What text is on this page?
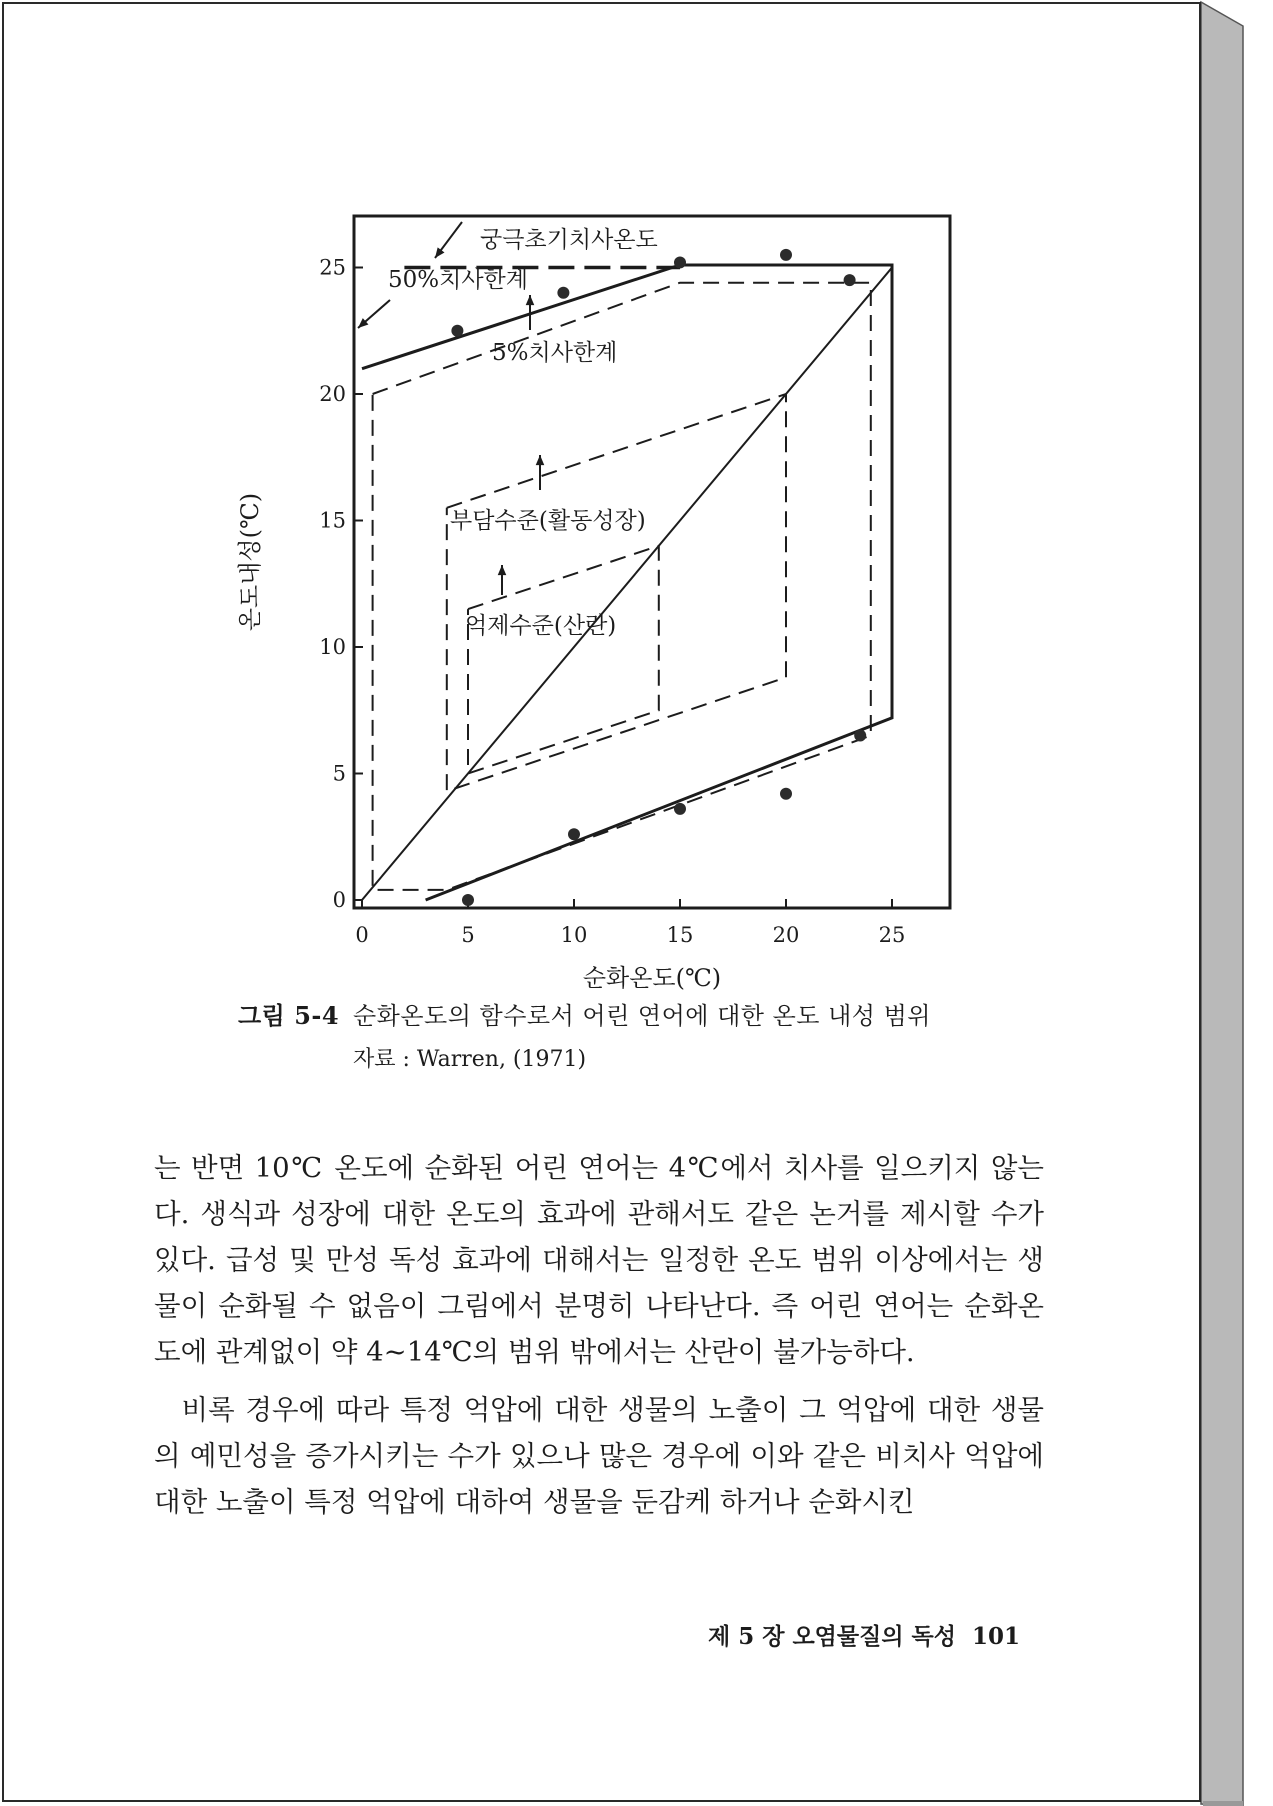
0	5	10	15	20	25
0
5
10
15
20
25
궁극초기치사온도
50%치사한계
5%치사한계
부담수준(활동성장)
억제수준(산란)
순화온도(℃)
온도내성(℃)
그림 5-4 순화온도의 함수로서 어린 연어에 대한 온도 내성 범위
자료 : Warren, (1971)

는 반면 10℃ 온도에 순화된 어린 연어는 4℃에서 치사를 일으키지 않는다. 생식과 성장에 대한 온도의 효과에 관해서도 같은 논거를 제시할 수가 있다. 급성 및 만성 독성 효과에 대해서는 일정한 온도 범위 이상에서는 생물이 순화될 수 없음이 그림에서 분명히 나타난다. 즉 어린 연어는 순화온도에 관계없이 약 4~14℃의 범위 밖에서는 산란이 불가능하다.

비록 경우에 따라 특정 억압에 대한 생물의 노출이 그 억압에 대한 생물의 예민성을 증가시키는 수가 있으나 많은 경우에 이와 같은 비치사 억압에 대한 노출이 특정 억압에 대하여 생물을 둔감케 하거나 순화시킨

제 5 장 오염물질의 독성 101
